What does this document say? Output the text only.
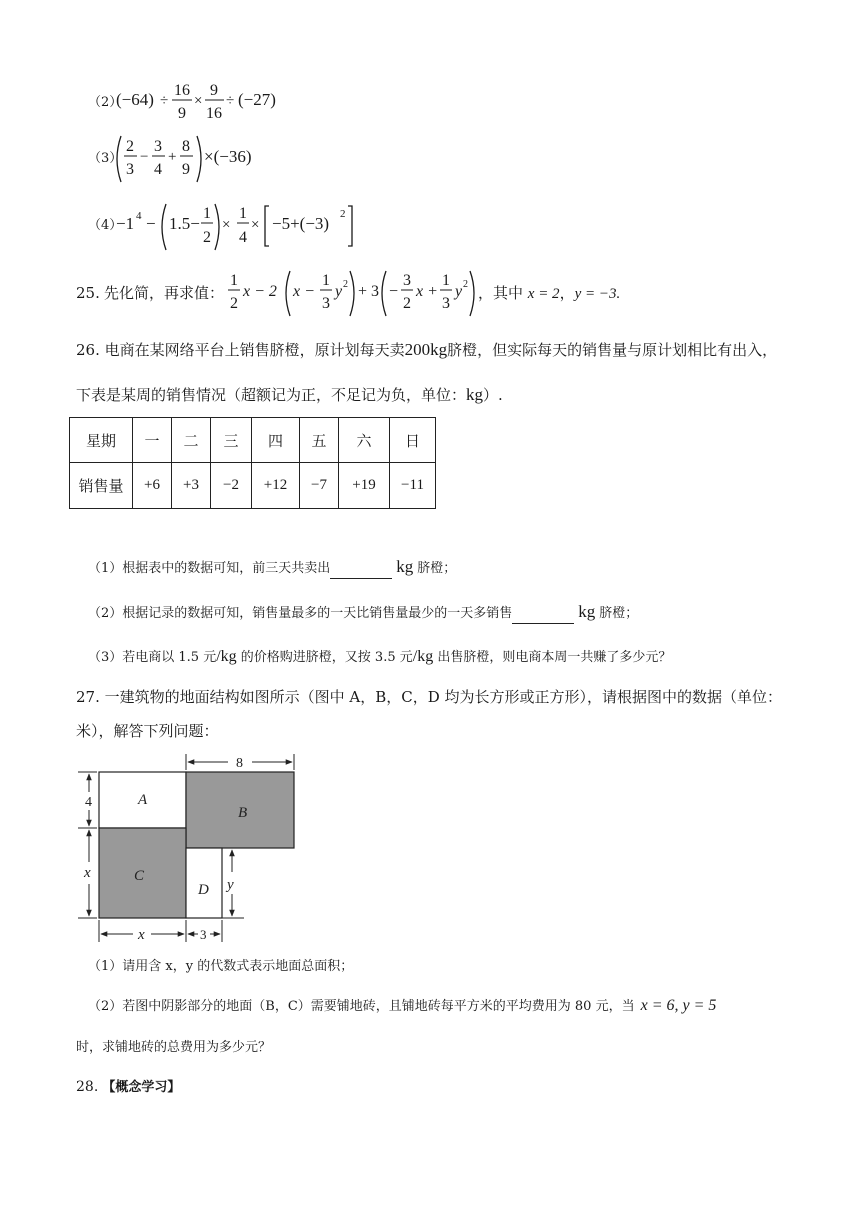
（2）
(−64) ÷
16
9
×
9
16
÷ (−27)
（3）
2
3
−
3
4
+
8
9
×(−36)
（4）
−1 4 − 1.5−
1
2
×
1
4
× −5+(−3) 2
25. 先化简，再求值：
1
2
x − 2 x −
1
3
y 2 + 3 −
3
2
x +
1
3
y 2 ，其中 x = 2，y = −3.
26. 电商在某网络平台上销售脐橙，原计划每天卖200kg脐橙，但实际每天的销售量与原计划相比有出入，
下表是某周的销售情况（超额记为正，不足记为负，单位：kg）.
星期	一	二	三	四	五	六	日
销售量	+6	+3	−2	+12	−7	+19	−11
（1）根据表中的数据可知，前三天共卖出	kg 脐橙；
（2）根据记录的数据可知，销售量最多的一天比销售量最少的一天多销售	kg 脐橙；
（3）若电商以 1.5 元/kg 的价格购进脐橙，又按 3.5 元/kg 出售脐橙，则电商本周一共赚了多少元？
27. 一建筑物的地面结构如图所示（图中 A，B，C，D 均为长方形或正方形），请根据图中的数据（单位：
米），解答下列问题：
A
B
C
D
8
4
x
y
x	3
（1）请用含 x，y 的代数式表示地面总面积；
（2）若图中阴影部分的地面（B，C）需要铺地砖，且铺地砖每平方米的平均费用为 80 元，当 x = 6, y = 5
时，求铺地砖的总费用为多少元？
28. 【概念学习】
